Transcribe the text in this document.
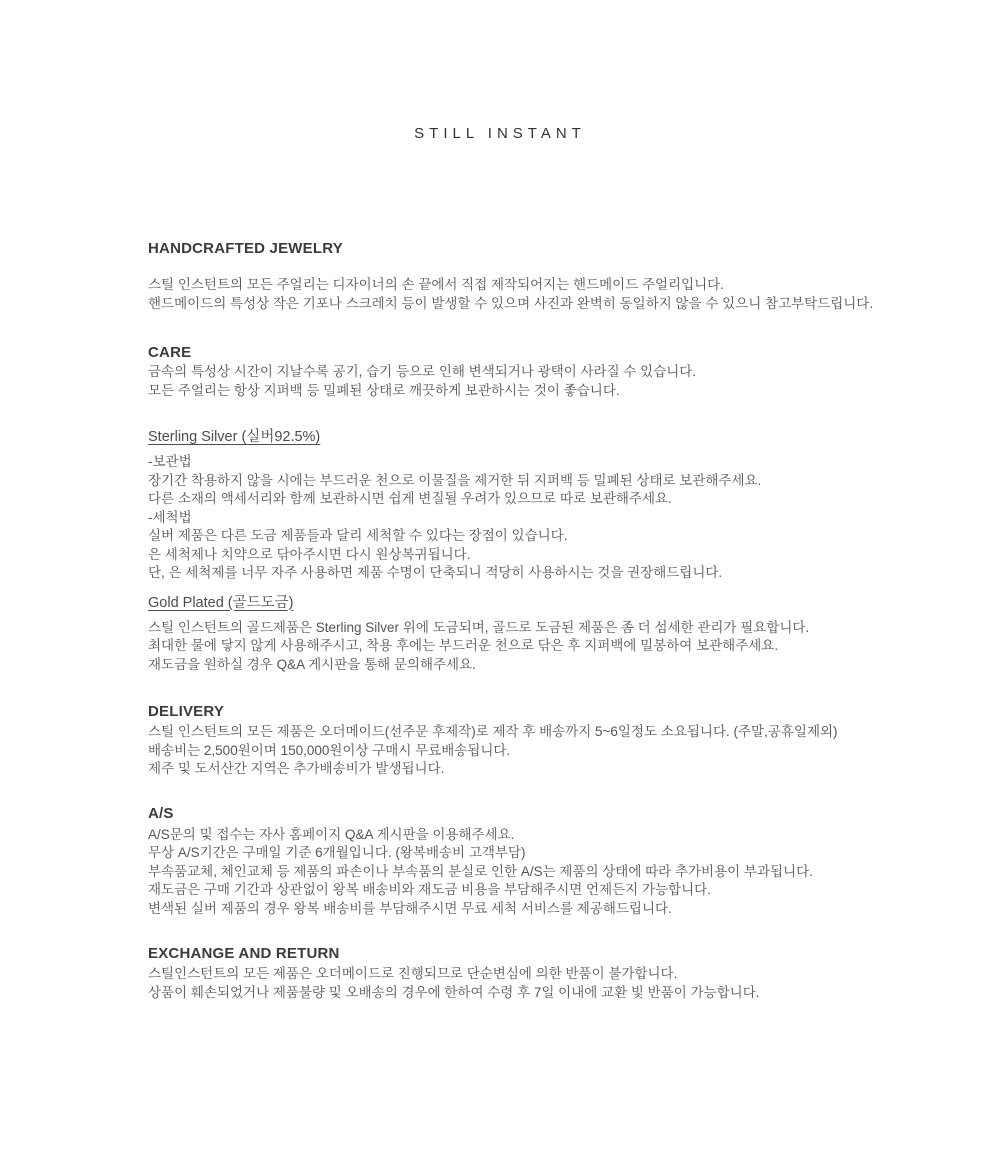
STILL INSTANT
HANDCRAFTED JEWELRY

스틸 인스턴트의 모든 주얼리는 디자이너의 손 끝에서 직접 제작되어지는 핸드메이드 주얼리입니다.

핸드메이드의 특성상 작은 기포나 스크레치 등이 발생할 수 있으며 사진과 완벽히 동일하지 않을 수 있으니 참고부탁드립니다.

CARE

금속의 특성상 시간이 지날수록 공기, 습기 등으로 인해 변색되거나 광택이 사라질 수 있습니다.

모든 주얼리는 항상 지퍼백 등 밀폐된 상태로 깨끗하게 보관하시는 것이 좋습니다.

Sterling Silver (실버92.5%)

-보관법

장기간 착용하지 않을 시에는 부드러운 천으로 이물질을 제거한 뒤 지퍼백 등 밀폐된 상태로 보관해주세요.

다른 소재의 액세서리와 함께 보관하시면 쉽게 변질될 우려가 있으므로 따로 보관해주세요.

-세척법

실버 제품은 다른 도금 제품들과 달리 세척할 수 있다는 장점이 있습니다.

은 세척제나 치약으로 닦아주시면 다시 원상복귀됩니다.

단, 은 세척제를 너무 자주 사용하면 제품 수명이 단축되니 적당히 사용하시는 것을 권장해드립니다.

Gold Plated (골드도금)

스틸 인스턴트의 골드제품은 Sterling Silver 위에 도금되며, 골드로 도금된 제품은 좀 더 섬세한 관리가 필요합니다.

최대한 물에 닿지 않게 사용해주시고, 착용 후에는 부드러운 천으로 닦은 후 지퍼백에 밀봉하여 보관해주세요.

재도금을 원하실 경우 Q&A 게시판을 통해 문의해주세요.

DELIVERY

스틸 인스턴트의 모든 제품은 오더메이드(선주문 후제작)로 제작 후 배송까지 5~6일정도 소요됩니다. (주말,공휴일제외)

배송비는 2,500원이며 150,000원이상 구매시 무료배송됩니다.

제주 및 도서산간 지역은 추가배송비가 발생됩니다.

A/S

A/S문의 및 접수는 자사 홈페이지 Q&A 게시판을 이용해주세요.

무상 A/S기간은 구매일 기준 6개월입니다. (왕복배송비 고객부담)

부속품교체, 체인교체 등 제품의 파손이나 부속품의 분실로 인한 A/S는 제품의 상태에 따라 추가비용이 부과됩니다.

재도금은 구매 기간과 상관없이 왕복 배송비와 재도금 비용을 부담해주시면 언제든지 가능합니다.

변색된 실버 제품의 경우 왕복 배송비를 부담해주시면 무료 세척 서비스를 제공해드립니다.

EXCHANGE AND RETURN

스틸인스턴트의 모든 제품은 오더메이드로 진행되므로 단순변심에 의한 반품이 불가합니다.

상품이 훼손되었거나 제품불량 및 오배송의 경우에 한하여 수령 후 7일 이내에 교환 빛 반품이 가능합니다.
